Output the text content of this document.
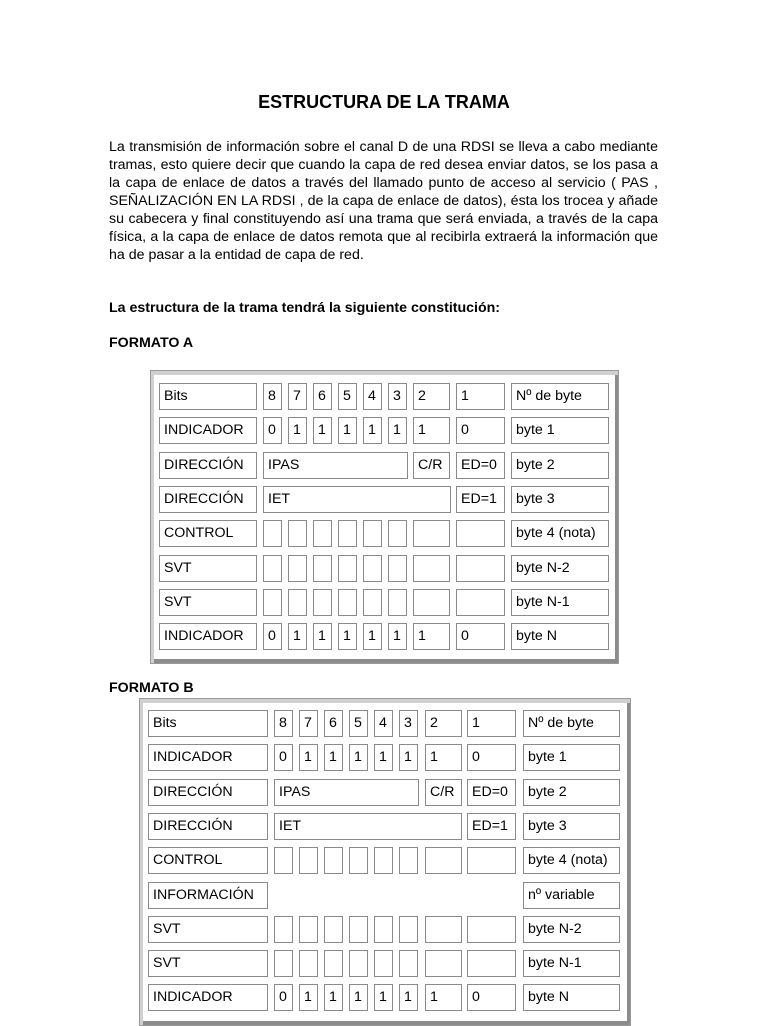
ESTRUCTURA DE LA TRAMA
La transmisión de información sobre el canal D de una RDSI se lleva a cabo mediante tramas, esto quiere decir que cuando la capa de red desea enviar datos, se los pasa a la capa de enlace de datos a través del llamado punto de acceso al servicio ( PAS , SEÑALIZACIÓN EN LA RDSI , de la capa de enlace de datos), ésta los trocea y añade su cabecera y final constituyendo así una trama que será enviada, a través de la capa física, a la capa de enlace de datos remota que al recibirla extraerá la información que ha de pasar a la entidad de capa de red.
La estructura de la trama tendrá la siguiente constitución:
FORMATO A
FORMATO B
Bits	8	7	6	5	4	3	2	1	Nº de byte
INDICADOR	0	1	1	1	1	1	1	0	byte 1
DIRECCIÓN	IPAS	C/R	ED=0	byte 2
DIRECCIÓN	IET	ED=1	byte 3
CONTROL	byte 4 (nota)
SVT	byte N-2
SVT	byte N-1
INDICADOR	0	1	1	1	1	1	1	0	byte N
Bits	8	7	6	5	4	3	2	1	Nº de byte
INDICADOR	0	1	1	1	1	1	1	0	byte 1
DIRECCIÓN	IPAS	C/R	ED=0	byte 2
DIRECCIÓN	IET	ED=1	byte 3
CONTROL	byte 4 (nota)
INFORMACIÓN	nº variable
SVT	byte N-2
SVT	byte N-1
INDICADOR	0	1	1	1	1	1	1	0	byte N
